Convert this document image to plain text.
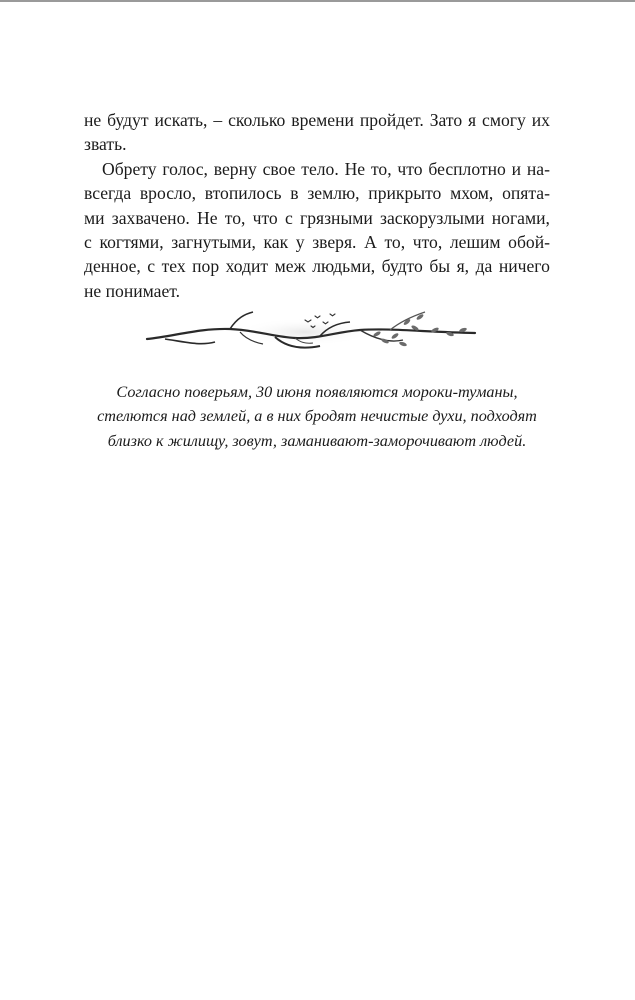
не будут искать, – сколько времени пройдет. Зато я смогу их
звать.
Обрету голос, верну свое тело. Не то, что бесплотно и на-
всегда вросло, втопилось в землю, прикрыто мхом, опята-
ми захвачено. Не то, что с грязными заскорузлыми ногами,
с когтями, загнутыми, как у зверя. А то, что, лешим обой-
денное, с тех пор ходит меж людьми, будто бы я, да ничего
не понимает.
Согласно поверьям, 30 июня появляются мороки-туманы,
стелются над землей, а в них бродят нечистые духи, подходят
близко к жилищу, зовут, заманивают-заморочивают людей.
